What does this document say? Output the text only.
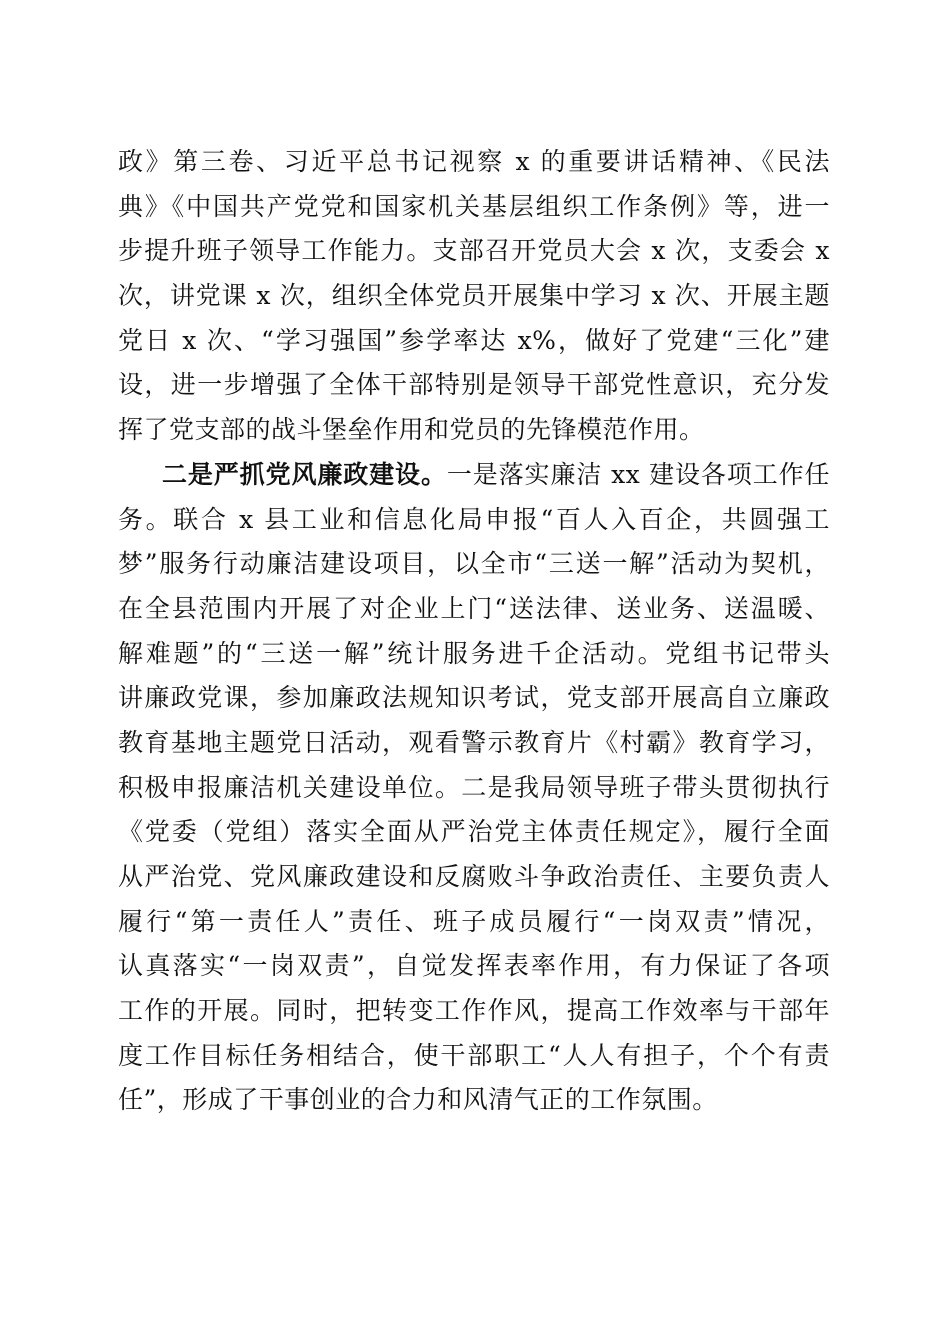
政》第三卷、习近平总书记视察 x 的重要讲话精神、《民法
典》《中国共产党党和国家机关基层组织工作条例》等，进一
步提升班子领导工作能力。支部召开党员大会 x 次，支委会 x
次，讲党课 x 次，组织全体党员开展集中学习 x 次、开展主题
党日 x 次、“学习强国”参学率达 x%，做好了党建“三化”建
设，进一步增强了全体干部特别是领导干部党性意识，充分发
挥了党支部的战斗堡垒作用和党员的先锋模范作用。
二是严抓党风廉政建设。一是落实廉洁 xx 建设各项工作任
务。联合 x 县工业和信息化局申报“百人入百企，共圆强工
梦”服务行动廉洁建设项目，以全市“三送一解”活动为契机，
在全县范围内开展了对企业上门“送法律、送业务、送温暖、
解难题”的“三送一解”统计服务进千企活动。党组书记带头
讲廉政党课，参加廉政法规知识考试，党支部开展高自立廉政
教育基地主题党日活动，观看警示教育片《村霸》教育学习，
积极申报廉洁机关建设单位。二是我局领导班子带头贯彻执行
《党委（党组）落实全面从严治党主体责任规定》，履行全面
从严治党、党风廉政建设和反腐败斗争政治责任、主要负责人
履行“第一责任人”责任、班子成员履行“一岗双责”情况，
认真落实“一岗双责”，自觉发挥表率作用，有力保证了各项
工作的开展。同时，把转变工作作风，提高工作效率与干部年
度工作目标任务相结合，使干部职工“人人有担子，个个有责
任”，形成了干事创业的合力和风清气正的工作氛围。
